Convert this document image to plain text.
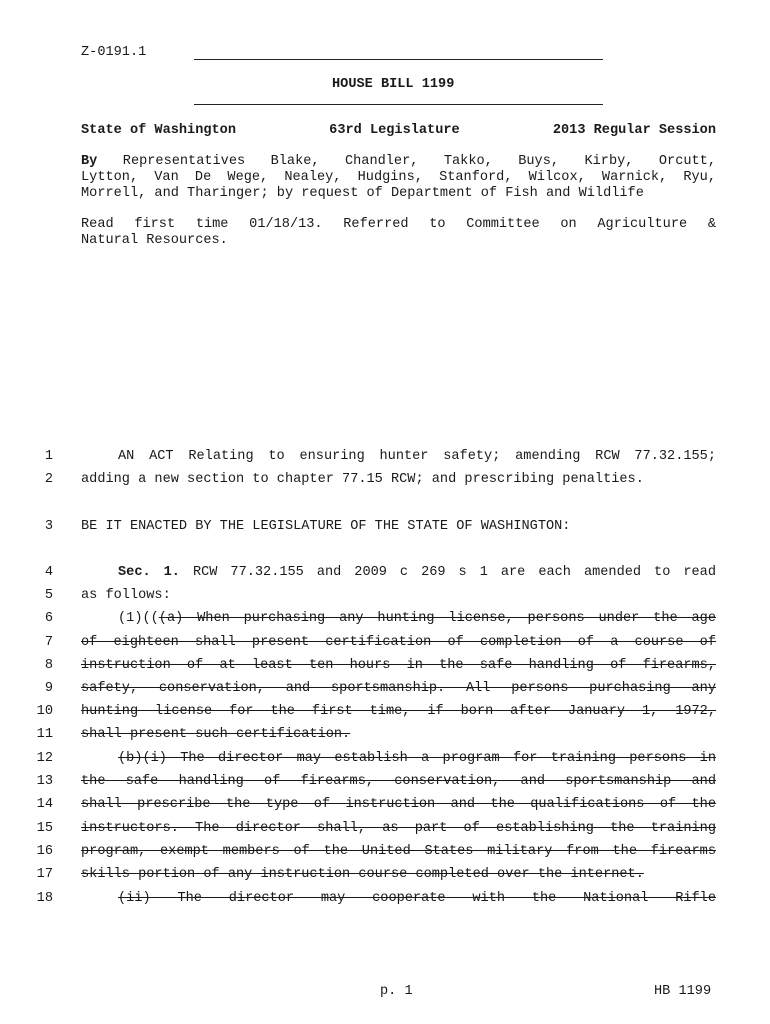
Z-0191.1
HOUSE BILL 1199
State of Washington	63rd Legislature	2013 Regular Session
By Representatives Blake, Chandler, Takko, Buys, Kirby, Orcutt,
Lytton, Van De Wege, Nealey, Hudgins, Stanford, Wilcox, Warnick, Ryu,
Morrell, and Tharinger; by request of Department of Fish and Wildlife
Read first time 01/18/13. Referred to Committee on Agriculture &
Natural Resources.
1
2
3
4
5
6
7
8
9
10
11
12
13
14
15
16
17
18
AN ACT Relating to ensuring hunter safety; amending RCW 77.32.155;
adding a new section to chapter 77.15 RCW; and prescribing penalties.
BE IT ENACTED BY THE LEGISLATURE OF THE STATE OF WASHINGTON:
Sec. 1. RCW 77.32.155 and 2009 c 269 s 1 are each amended to read
as follows:
(1)(((a) When purchasing any hunting license, persons under the age
of eighteen shall present certification of completion of a course of
instruction of at least ten hours in the safe handling of firearms,
safety, conservation, and sportsmanship. All persons purchasing any
hunting license for the first time, if born after January 1, 1972,
shall present such certification.
(b)(i) The director may establish a program for training persons in
the safe handling of firearms, conservation, and sportsmanship and
shall prescribe the type of instruction and the qualifications of the
instructors. The director shall, as part of establishing the training
program, exempt members of the United States military from the firearms
skills portion of any instruction course completed over the internet.
(ii) The director may cooperate with the National Rifle
p. 1	HB 1199
